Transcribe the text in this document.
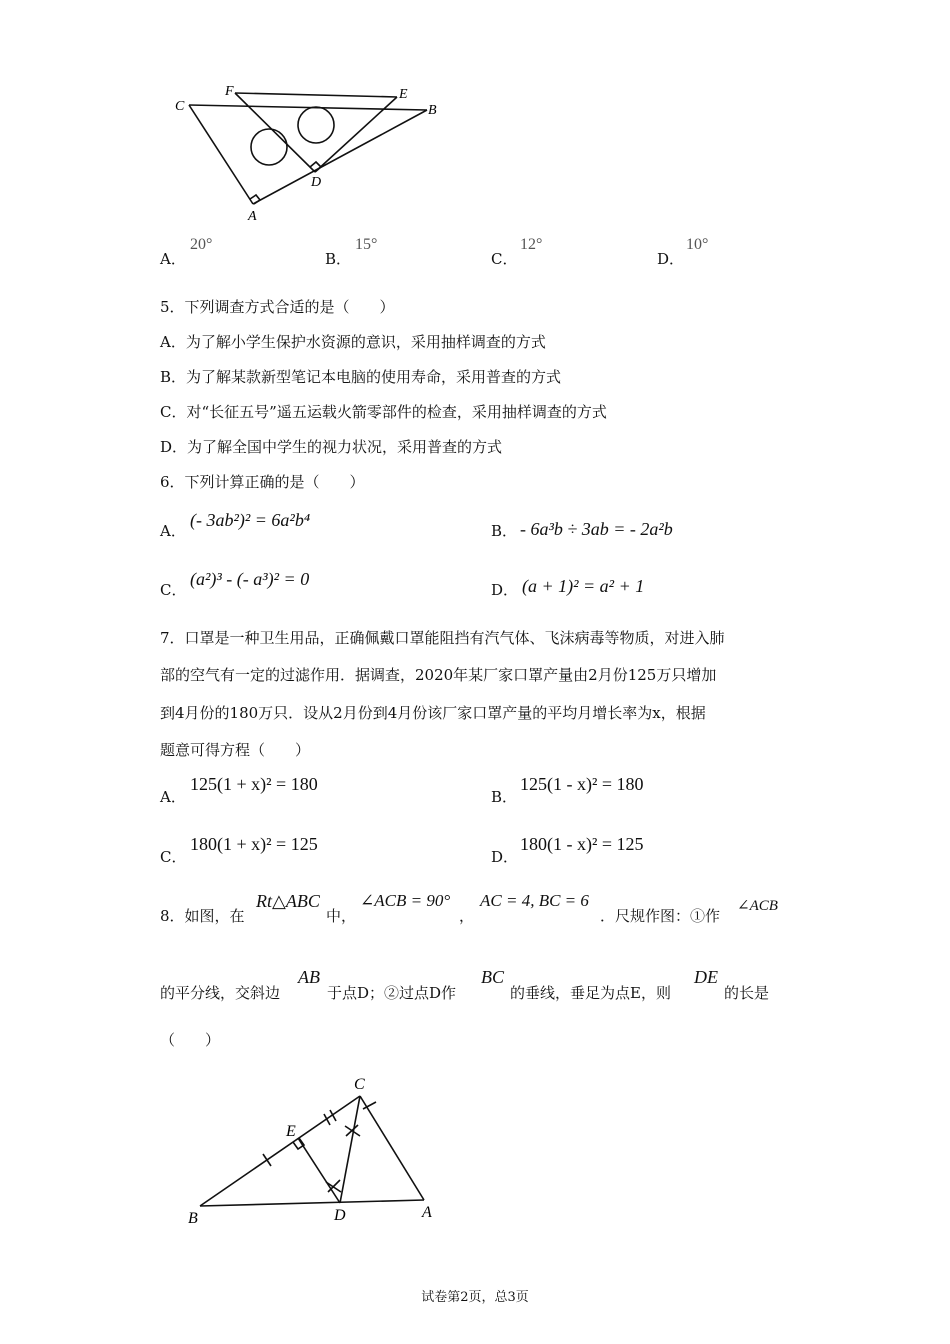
F	E
C	B
D
A
A．
20°
B．
15°
C．
12°
D．
10°
5．下列调查方式合适的是（　　）
A．为了解小学生保护水资源的意识，采用抽样调查的方式
B．为了解某款新型笔记本电脑的使用寿命，采用普查的方式
C．对“长征五号”遥五运载火箭零部件的检查，采用抽样调查的方式
D．为了解全国中学生的视力状况，采用普查的方式
6．下列计算正确的是（　　）
A．
(- 3ab²)² = 6a²b⁴
B． - 6a³b ÷ 3ab = - 2a²b
C．
(a²)³ - (- a³)² = 0
D． (a + 1)² = a² + 1
7．口罩是一种卫生用品，正确佩戴口罩能阻挡有汽气体、飞沫病毒等物质，对进入肺
部的空气有一定的过滤作用．据调查，2020年某厂家口罩产量由2月份125万只增加
到4月份的180万只．设从2月份到4月份该厂家口罩产量的平均月增长率为x，根据
题意可得方程（　　）
A．
125(1 + x)² = 180
B．
125(1 - x)² = 180
C．
180(1 + x)² = 125
D．
180(1 - x)² = 125
8．如图，在
Rt△ABC
中，
∠ACB = 90°
，
AC = 4, BC = 6
．尺规作图：①作
∠ACB
的平分线，交斜边
AB
于点D；②过点D作
BC
的垂线，垂足为点E，则
DE
的长是
（　　）
C
E
B	D	A
试卷第2页，总3页
